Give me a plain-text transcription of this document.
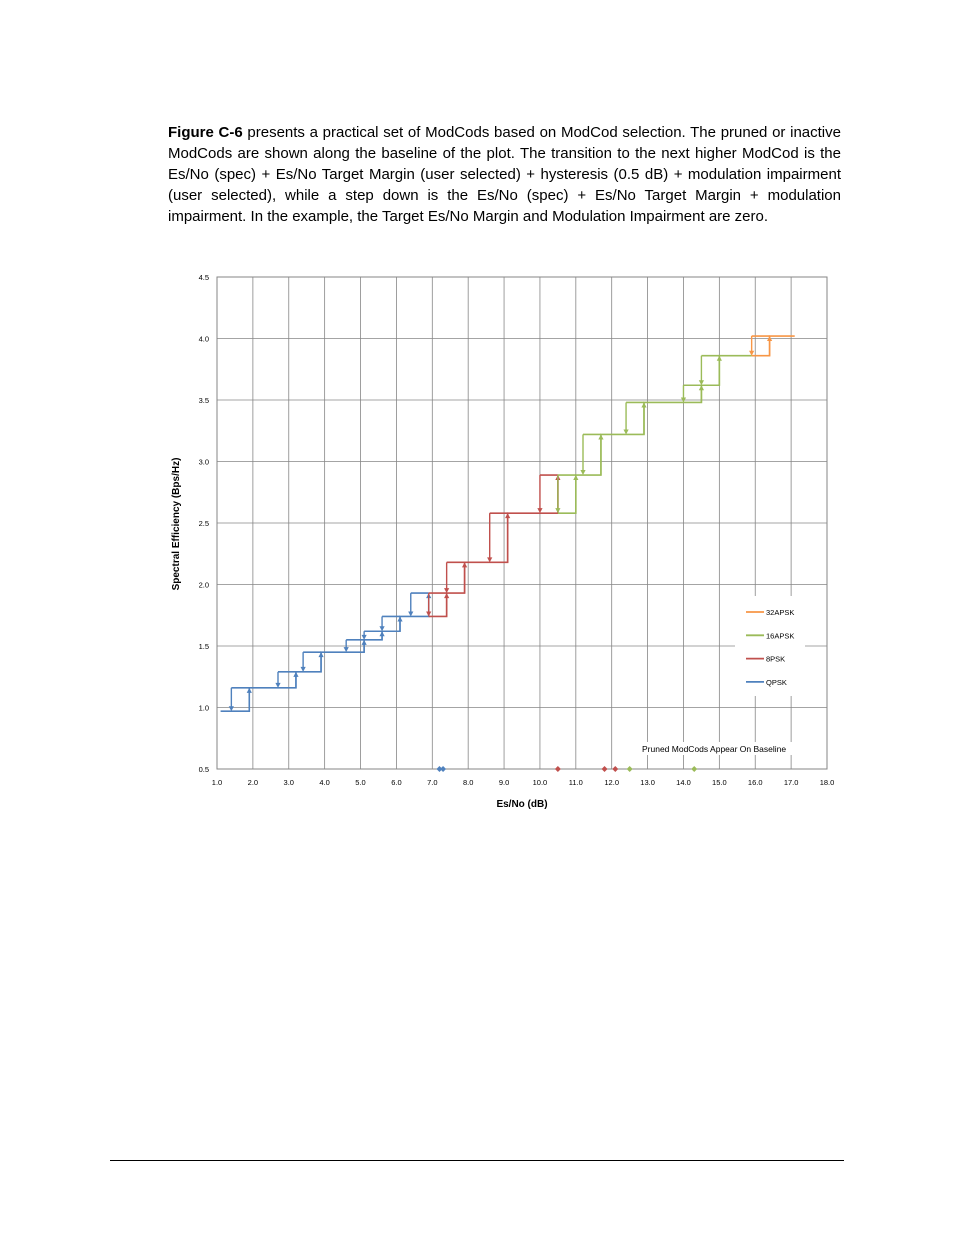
Figure C-6 presents a practical set of ModCods based on ModCod selection. The pruned or inactive ModCods are shown along the baseline of the plot. The transition to the next higher ModCod is the Es/No (spec) + Es/No Target Margin (user selected) + hysteresis (0.5 dB) + modulation impairment (user selected), while a step down is the Es/No (spec) + Es/No Target Margin + modulation impairment. In the example, the Target Es/No Margin and Modulation Impairment are zero.

1.0	2.0	3.0	4.0	5.0	6.0	7.0	8.0	9.0	10.0	11.0	12.0	13.0	14.0	15.0	16.0	17.0	18.0
0.5
1.0
1.5
2.0
2.5
3.0
3.5
4.0
4.5
32APSK
16APSK
8PSK
QPSK
Pruned ModCods Appear On Baseline
Es/No (dB)
Spectral Efficiency (Bps/Hz)
